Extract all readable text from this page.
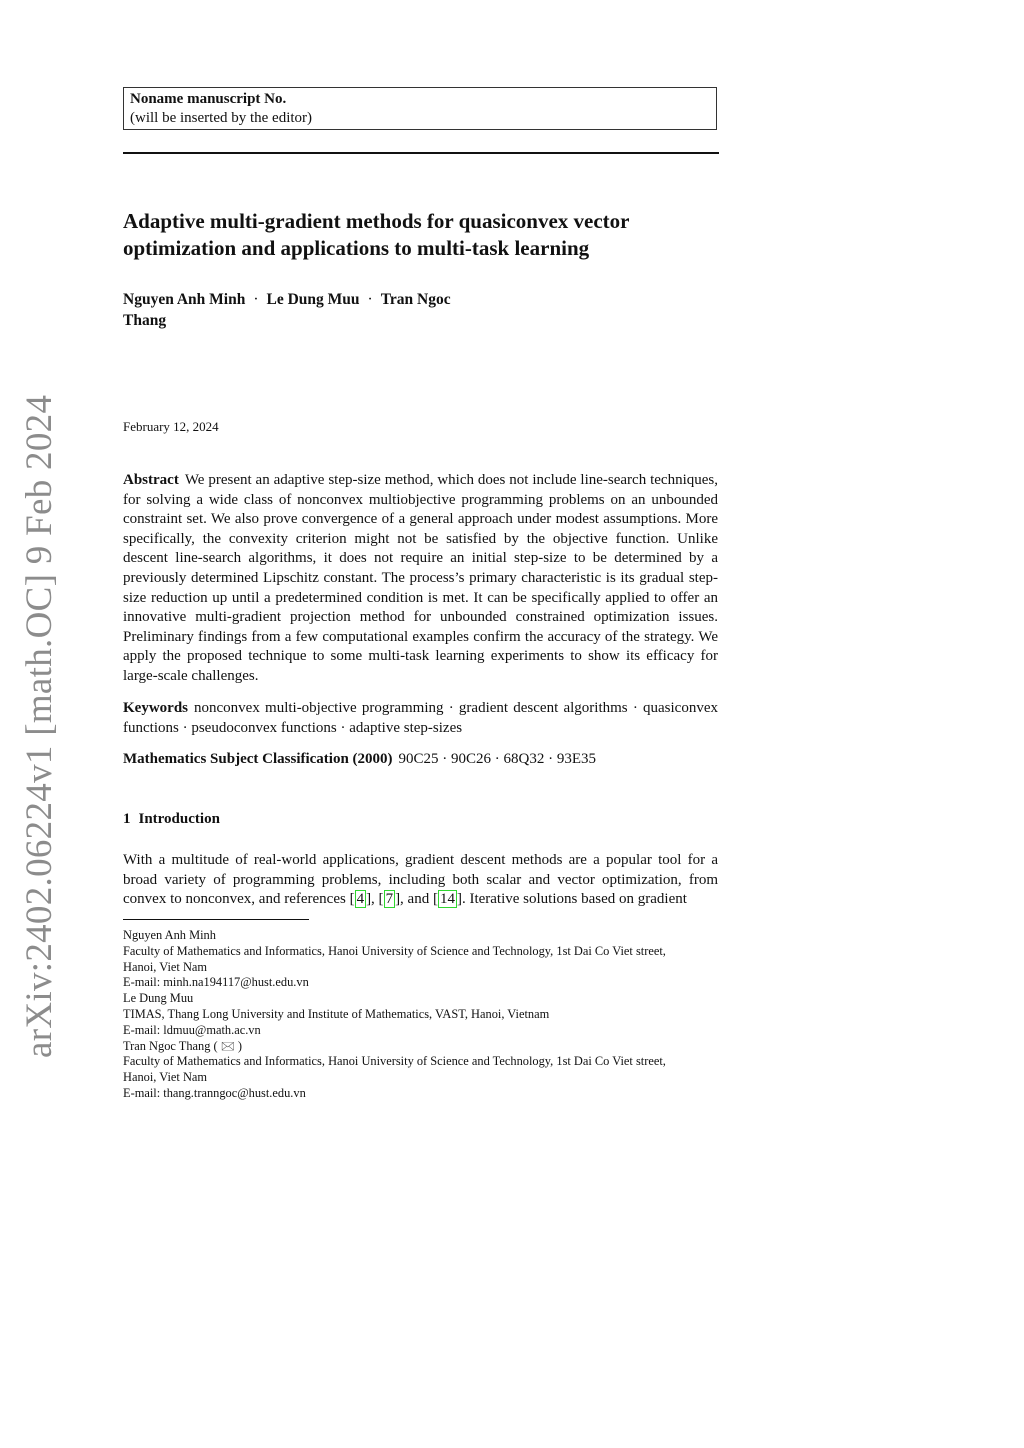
Noname manuscript No.
(will be inserted by the editor)
Adaptive multi-gradient methods for quasiconvex vector
optimization and applications to multi-task learning
Nguyen Anh Minh · Le Dung Muu · Tran Ngoc
Thang
February 12, 2024

Abstract We present an adaptive step-size method, which does not include line-search techniques, for solving a wide class of nonconvex multiobjective programming problems on an unbounded constraint set. We also prove convergence of a general approach under modest assumptions. More specifically, the convexity criterion might not be satisfied by the objective function. Unlike descent line-search algorithms, it does not require an initial step-size to be determined by a previously determined Lipschitz constant. The process’s primary characteristic is its gradual step-size reduction up until a predetermined condition is met. It can be specifically applied to offer an innovative multi-gradient projection method for unbounded constrained optimization issues. Preliminary findings from a few computational examples confirm the accuracy of the strategy. We apply the proposed technique to some multi-task learning experiments to show its efficacy for large-scale challenges.

Keywords nonconvex multi-objective programming · gradient descent algorithms · quasiconvex functions · pseudoconvex functions · adaptive step-sizes
Mathematics Subject Classification (2000) 90C25 · 90C26 · 68Q32 · 93E35
1 Introduction
With a multitude of real-world applications, gradient descent methods are a popular tool for a broad variety of programming problems, including both scalar and vector optimization, from convex to nonconvex, and references [ 4 ], [ 7 ], and [ 14 ]. Iterative solutions based on gradient
Nguyen Anh Minh
Faculty of Mathematics and Informatics, Hanoi University of Science and Technology, 1st Dai Co Viet street,
Hanoi, Viet Nam
E-mail: minh.na194117@hust.edu.vn
Le Dung Muu
TIMAS, Thang Long University and Institute of Mathematics, VAST, Hanoi, Vietnam
E-mail: ldmuu@math.ac.vn
Tran Ngoc Thang ( 🖂 )
Faculty of Mathematics and Informatics, Hanoi University of Science and Technology, 1st Dai Co Viet street,
Hanoi, Viet Nam
E-mail: thang.tranngoc@hust.edu.vn
arXiv:2402.06224v1 [math.OC] 9 Feb 2024
